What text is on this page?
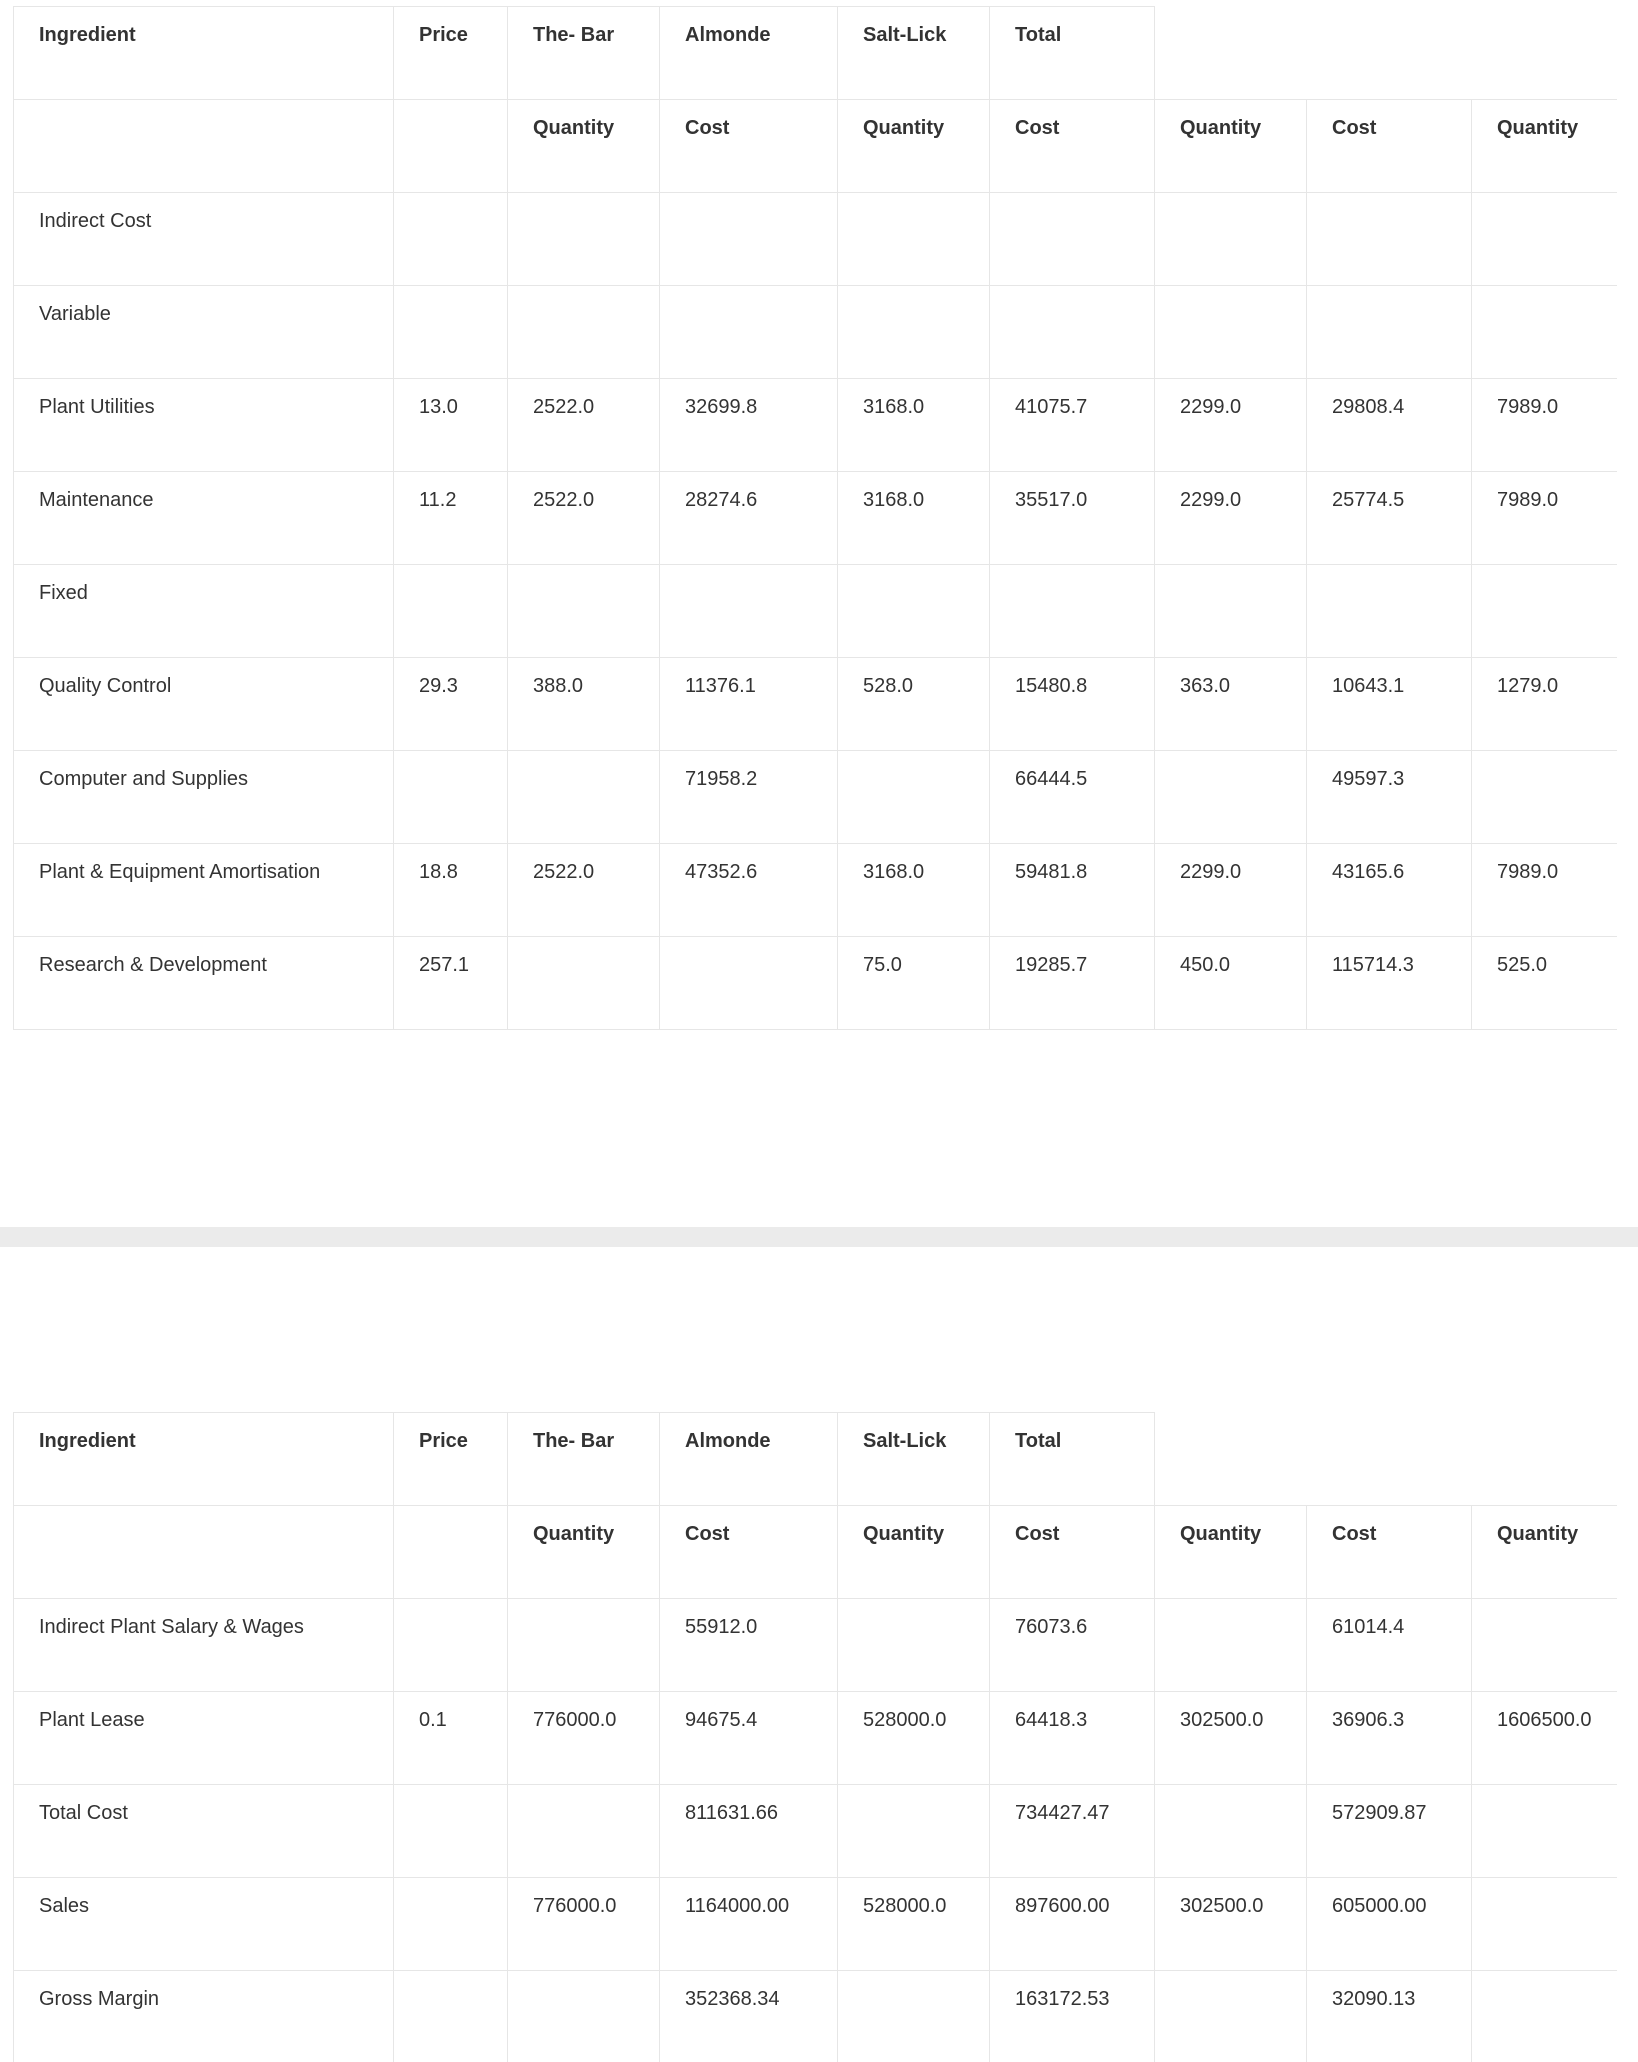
Ingredient	Price	The- Bar	Almonde	Salt-Lick	Total			
		Quantity	Cost	Quantity	Cost	Quantity	Cost	Quantity
Indirect Cost								
Variable								
Plant Utilities	13.0	2522.0	32699.8	3168.0	41075.7	2299.0	29808.4	7989.0
Maintenance	11.2	2522.0	28274.6	3168.0	35517.0	2299.0	25774.5	7989.0
Fixed								
Quality Control	29.3	388.0	11376.1	528.0	15480.8	363.0	10643.1	1279.0
Computer and Supplies			71958.2		66444.5		49597.3	
Plant & Equipment Amortisation	18.8	2522.0	47352.6	3168.0	59481.8	2299.0	43165.6	7989.0
Research & Development	257.1			75.0	19285.7	450.0	115714.3	525.0
Ingredient	Price	The- Bar	Almonde	Salt-Lick	Total			
		Quantity	Cost	Quantity	Cost	Quantity	Cost	Quantity
Indirect Plant Salary & Wages			55912.0		76073.6		61014.4	
Plant Lease	0.1	776000.0	94675.4	528000.0	64418.3	302500.0	36906.3	1606500.0
Total Cost			811631.66		734427.47		572909.87	
Sales		776000.0	1164000.00	528000.0	897600.00	302500.0	605000.00	
Gross Margin			352368.34		163172.53		32090.13	
